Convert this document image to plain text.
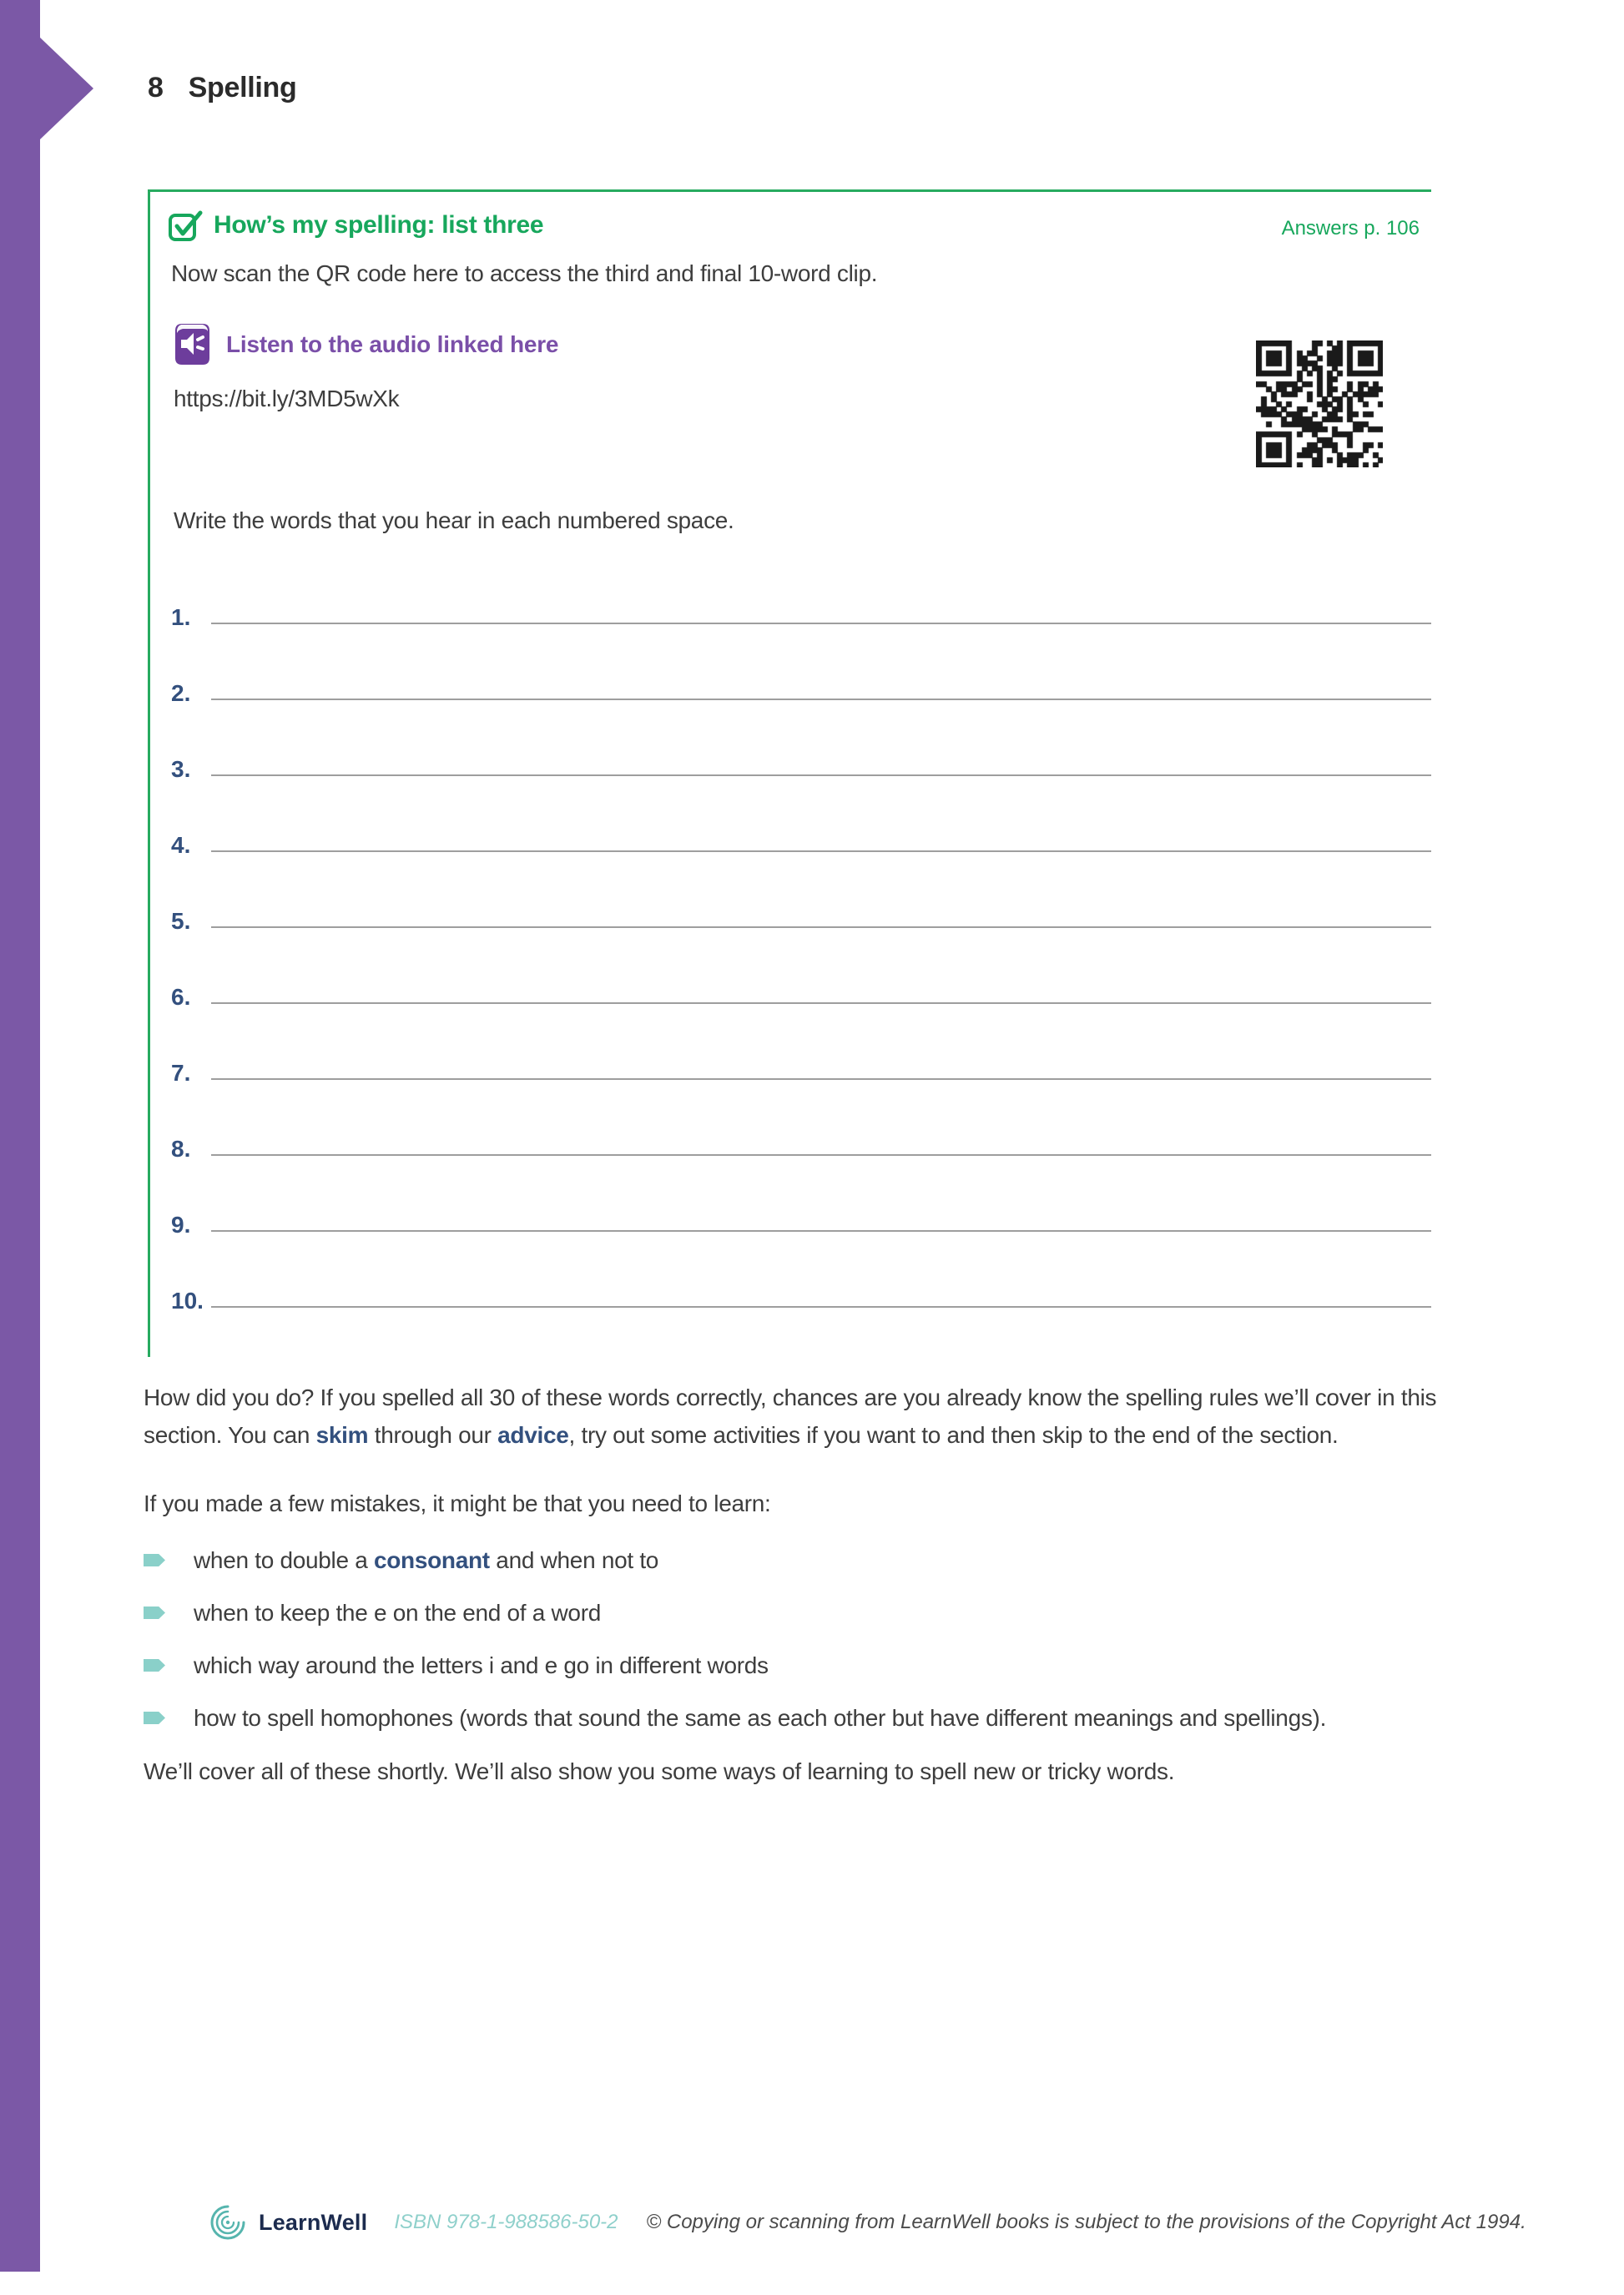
8 Spelling
How’s my spelling: list three	Answers p. 106
Now scan the QR code here to access the third and final 10-word clip.
Listen to the audio linked here
https://bit.ly/3MD5wXk
Write the words that you hear in each numbered space.
1.
2.
3.
4.
5.
6.
7.
8.
9.
10.

How did you do? If you spelled all 30 of these words correctly, chances are you already know the spelling rules we’ll cover in this section. You can skim through our advice, try out some activities if you want to and then skip to the end of the section.

If you made a few mistakes, it might be that you need to learn:

when to double a consonant and when not to

when to keep the e on the end of a word

which way around the letters i and e go in different words

how to spell homophones (words that sound the same as each other but have different meanings and spellings).

We’ll cover all of these shortly. We’ll also show you some ways of learning to spell new or tricky words.

LearnWell ISBN 978-1-988586-50-2 © Copying or scanning from LearnWell books is subject to the provisions of the Copyright Act 1994.
